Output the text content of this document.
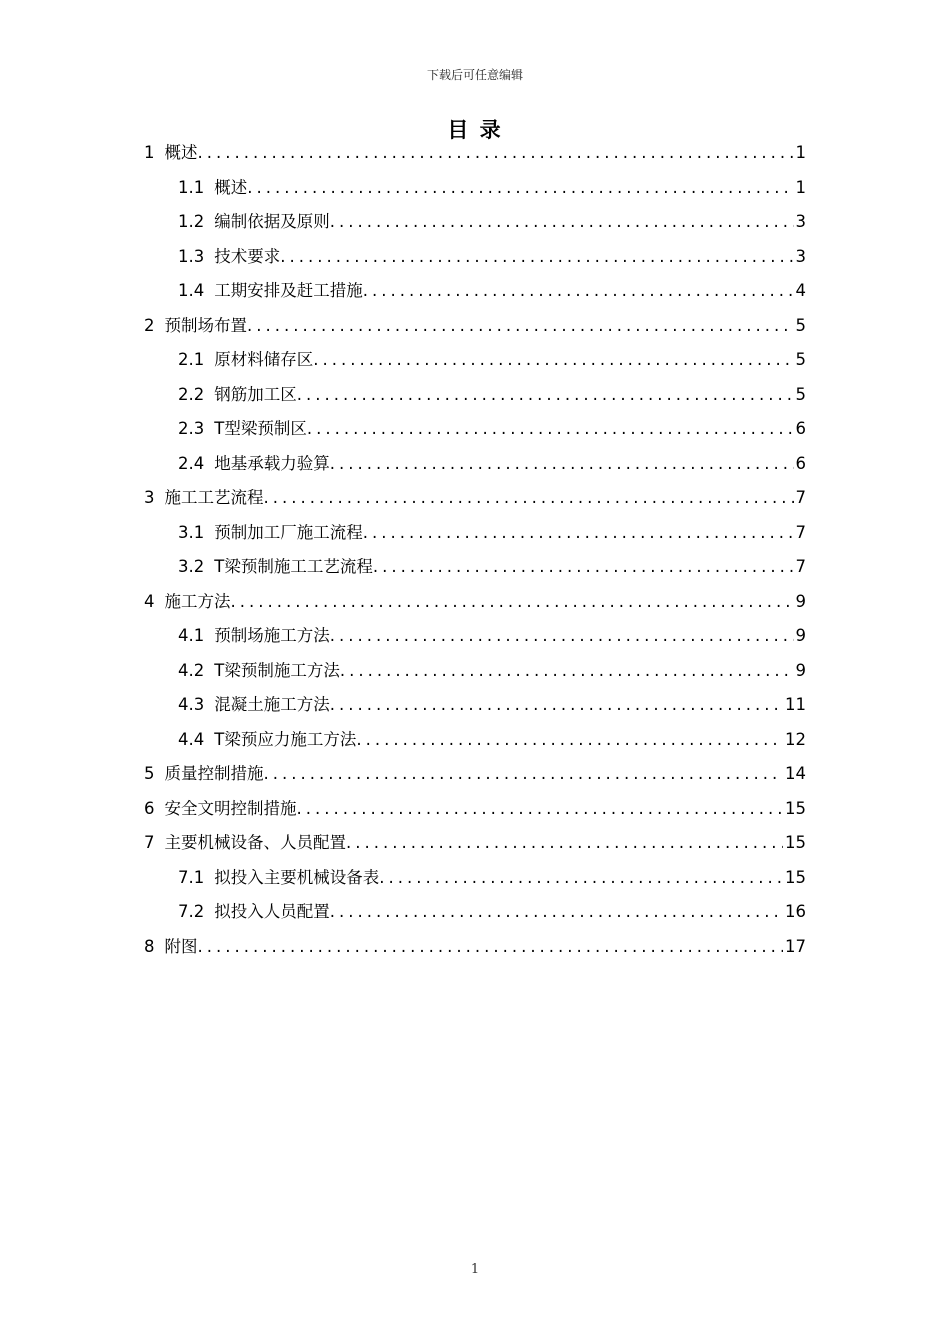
下载后可任意编辑
目 录
1 概述 .....	1
1.1 概述 .....	1
1.2 编制依据及原则 .....	3
1.3 技术要求 .....	3
1.4 工期安排及赶工措施 .....	4
2 预制场布置 .....	5
2.1 原材料储存区 .....	5
2.2 钢筋加工区 .....	5
2.3 T型梁预制区 .....	6
2.4 地基承载力验算 .....	6
3 施工工艺流程 .....	7
3.1 预制加工厂施工流程 .....	7
3.2 T梁预制施工工艺流程 .....	7
4 施工方法 .....	9
4.1 预制场施工方法 .....	9
4.2 T梁预制施工方法 .....	9
4.3 混凝土施工方法 .....	11
4.4 T梁预应力施工方法 .....	12
5 质量控制措施 .....	14
6 安全文明控制措施 .....	15
7 主要机械设备、人员配置 .....	15
7.1 拟投入主要机械设备表 .....	15
7.2 拟投入人员配置 .....	16
8 附图 .....	17
1
